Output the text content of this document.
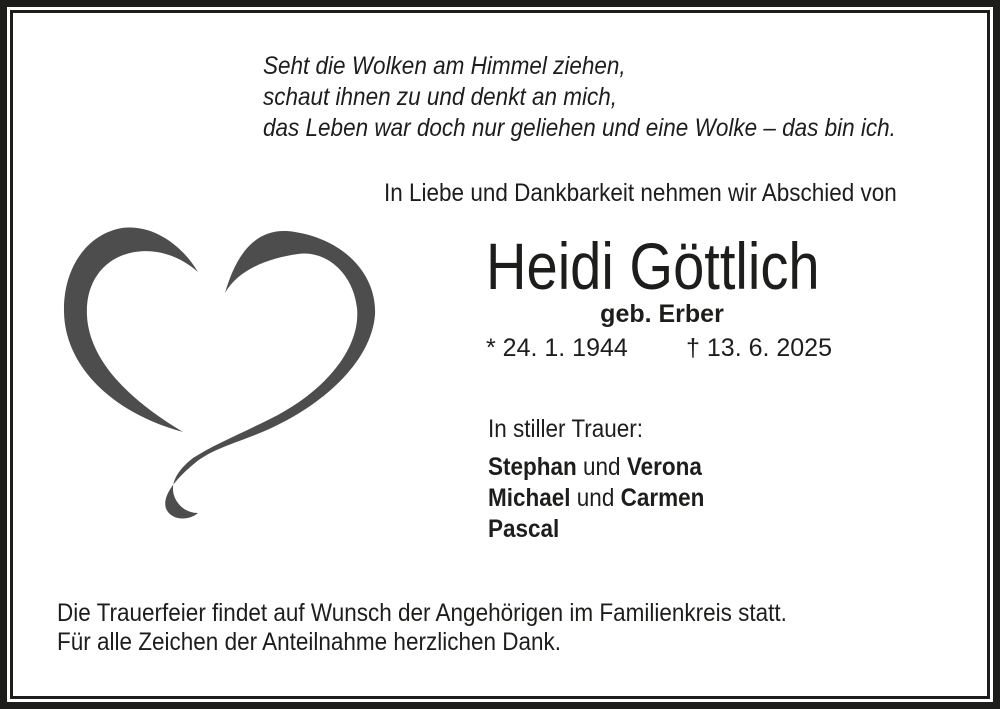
Seht die Wolken am Himmel ziehen,
schaut ihnen zu und denkt an mich,
das Leben war doch nur geliehen und eine Wolke – das bin ich.
In Liebe und Dankbarkeit nehmen wir Abschied von
Heidi Göttlich
geb. Erber
* 24. 1. 1944 † 13. 6. 2025
In stiller Trauer:
Stephan und Verona
Michael und Carmen
Pascal
Die Trauerfeier findet auf Wunsch der Angehörigen im Familienkreis statt.
Für alle Zeichen der Anteilnahme herzlichen Dank.
